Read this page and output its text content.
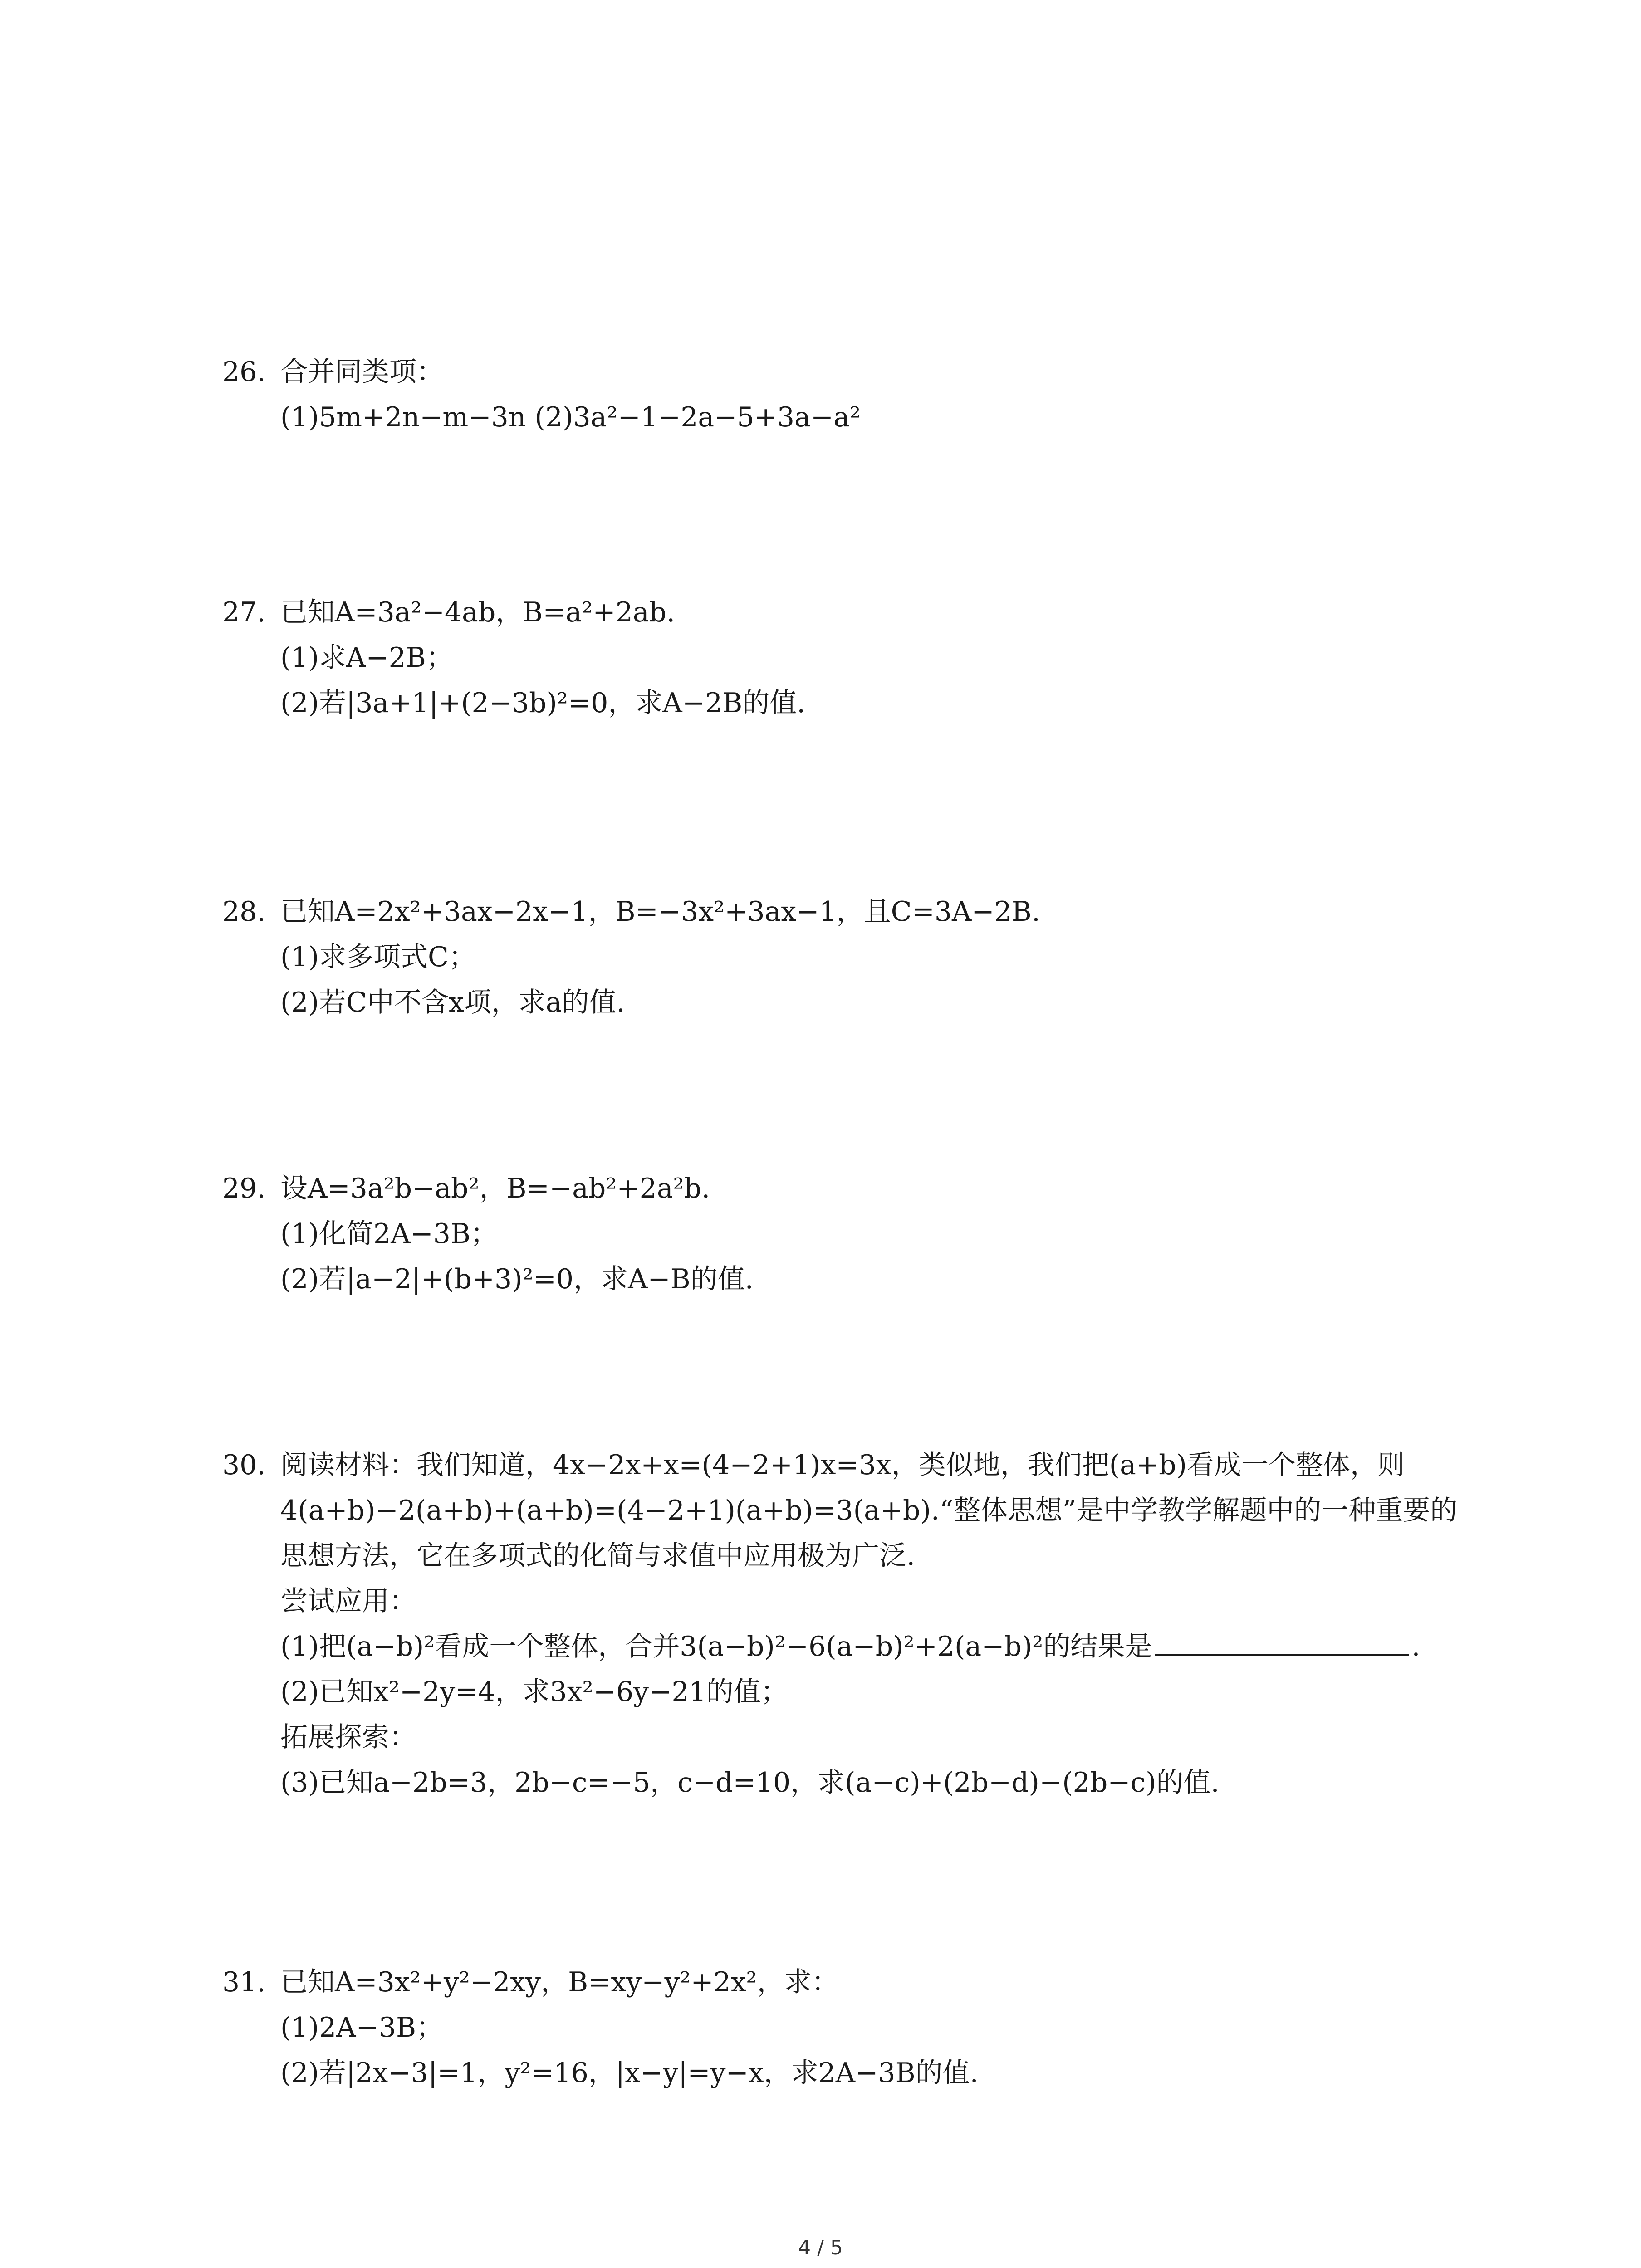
26. 合并同类项：
(1)5m+2n−m−3n (2)3a²−1−2a−5+3a−a²
27. 已知A=3a²−4ab，B=a²+2ab.
(1)求A−2B；
(2)若|3a+1|+(2−3b)²=0，求A−2B的值.
28. 已知A=2x²+3ax−2x−1，B=−3x²+3ax−1，且C=3A−2B.
(1)求多项式C；
(2)若C中不含x项，求a的值.
29. 设A=3a²b−ab²，B=−ab²+2a²b.
(1)化简2A−3B；
(2)若|a−2|+(b+3)²=0，求A−B的值.
30. 阅读材料：我们知道，4x−2x+x=(4−2+1)x=3x，类似地，我们把(a+b)看成一个整体，则
4(a+b)−2(a+b)+(a+b)=(4−2+1)(a+b)=3(a+b).“整体思想”是中学教学解题中的一种重要的
思想方法，它在多项式的化简与求值中应用极为广泛.
尝试应用：
(1)把(a−b)²看成一个整体，合并3(a−b)²−6(a−b)²+2(a−b)²的结果是	.
(2)已知x²−2y=4，求3x²−6y−21的值；
拓展探索：
(3)已知a−2b=3，2b−c=−5，c−d=10，求(a−c)+(2b−d)−(2b−c)的值.
31. 已知A=3x²+y²−2xy，B=xy−y²+2x²，求：
(1)2A−3B；
(2)若|2x−3|=1，y²=16，|x−y|=y−x，求2A−3B的值.
4 / 5
